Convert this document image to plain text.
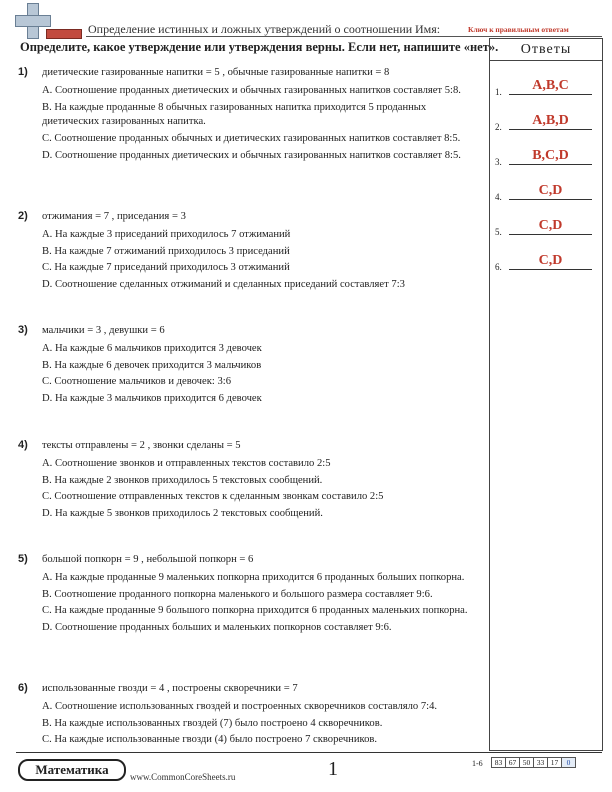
Определение истинных и ложных утверждений о соотношении Имя:	Ключ к правильным ответам
Определите, какое утверждение или утверждения верны. Если нет, напишите «нет».	Ответы
1.	A,B,C
2.	A,B,D
3.	B,C,D
4.	C,D
5.	C,D
6.	C,D
1) диетические газированные напитки = 5 , обычные газированные напитки = 8
A. Соотношение проданных диетических и обычных газированных напитков составляет 5:8.
B. На каждые проданные 8 обычных газированных напитка приходится 5 проданных диетических газированных напитка.
C. Соотношение проданных обычных и диетических газированных напитков составляет 8:5.
D. Соотношение проданных диетических и обычных газированных напитков составляет 8:5.
2) отжимания = 7 , приседания = 3
A. На каждые 3 приседаний приходилось 7 отжиманий
B. На каждые 7 отжиманий приходилось 3 приседаний
C. На каждые 7 приседаний приходилось 3 отжиманий
D. Соотношение сделанных отжиманий и сделанных приседаний составляет 7:3
3) мальчики = 3 , девушки = 6
A. На каждые 6 мальчиков приходится 3 девочек
B. На каждые 6 девочек приходится 3 мальчиков
C. Соотношение мальчиков и девочек: 3:6
D. На каждые 3 мальчиков приходится 6 девочек
4) тексты отправлены = 2 , звонки сделаны = 5
A. Соотношение звонков и отправленных текстов составило 2:5
B. На каждые 2 звонков приходилось 5 текстовых сообщений.
C. Соотношение отправленных текстов к сделанным звонкам составило 2:5
D. На каждые 5 звонков приходилось 2 текстовых сообщений.
5) большой попкорн = 9 , небольшой попкорн = 6
A. На каждые проданные 9 маленьких попкорна приходится 6 проданных больших попкорна.
B. Соотношение проданного попкорна маленького и большого размера составляет 9:6.
C. На каждые проданные 9 большого попкорна приходится 6 проданных маленьких попкорна.
D. Соотношение проданных больших и маленьких попкорнов составляет 9:6.
6) использованные гвозди = 4 , построены скворечники = 7
A. Соотношение использованных гвоздей и построенных скворечников составляло 7:4.
B. На каждые использованных гвоздей (7) было построено 4 скворечников.
C. На каждые использованные гвозди (4) было построено 7 скворечников.
Математика	www.CommonCoreSheets.ru	1	1-6	83 67 50 33 17	0
